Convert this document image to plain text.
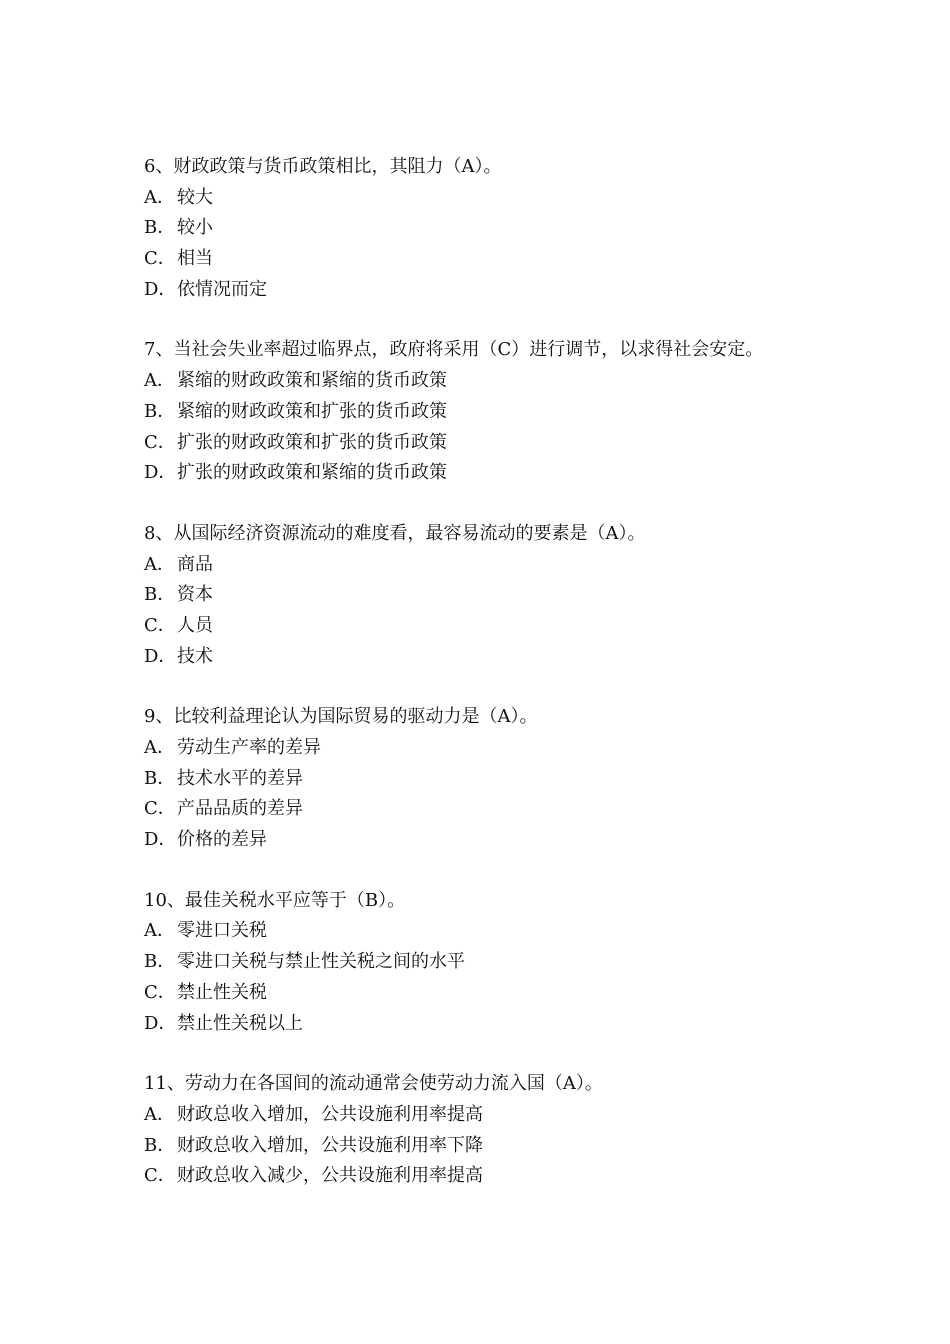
6、财政政策与货币政策相比，其阻力（A）。
A． 较大
B．较小
C．相当
D．依情况而定
7、当社会失业率超过临界点，政府将采用（C）进行调节，以求得社会安定。
A． 紧缩的财政政策和紧缩的货币政策
B．紧缩的财政政策和扩张的货币政策
C．扩张的财政政策和扩张的货币政策
D．扩张的财政政策和紧缩的货币政策
8、从国际经济资源流动的难度看，最容易流动的要素是（A）。
A． 商品
B．资本
C．人员
D．技术
9、比较利益理论认为国际贸易的驱动力是（A）。
A． 劳动生产率的差异
B．技术水平的差异
C．产品品质的差异
D．价格的差异
10、最佳关税水平应等于（B）。
A． 零进口关税
B．零进口关税与禁止性关税之间的水平
C．禁止性关税
D．禁止性关税以上
11、劳动力在各国间的流动通常会使劳动力流入国（A）。
A． 财政总收入增加，公共设施利用率提高
B．财政总收入增加，公共设施利用率下降
C．财政总收入减少，公共设施利用率提高
